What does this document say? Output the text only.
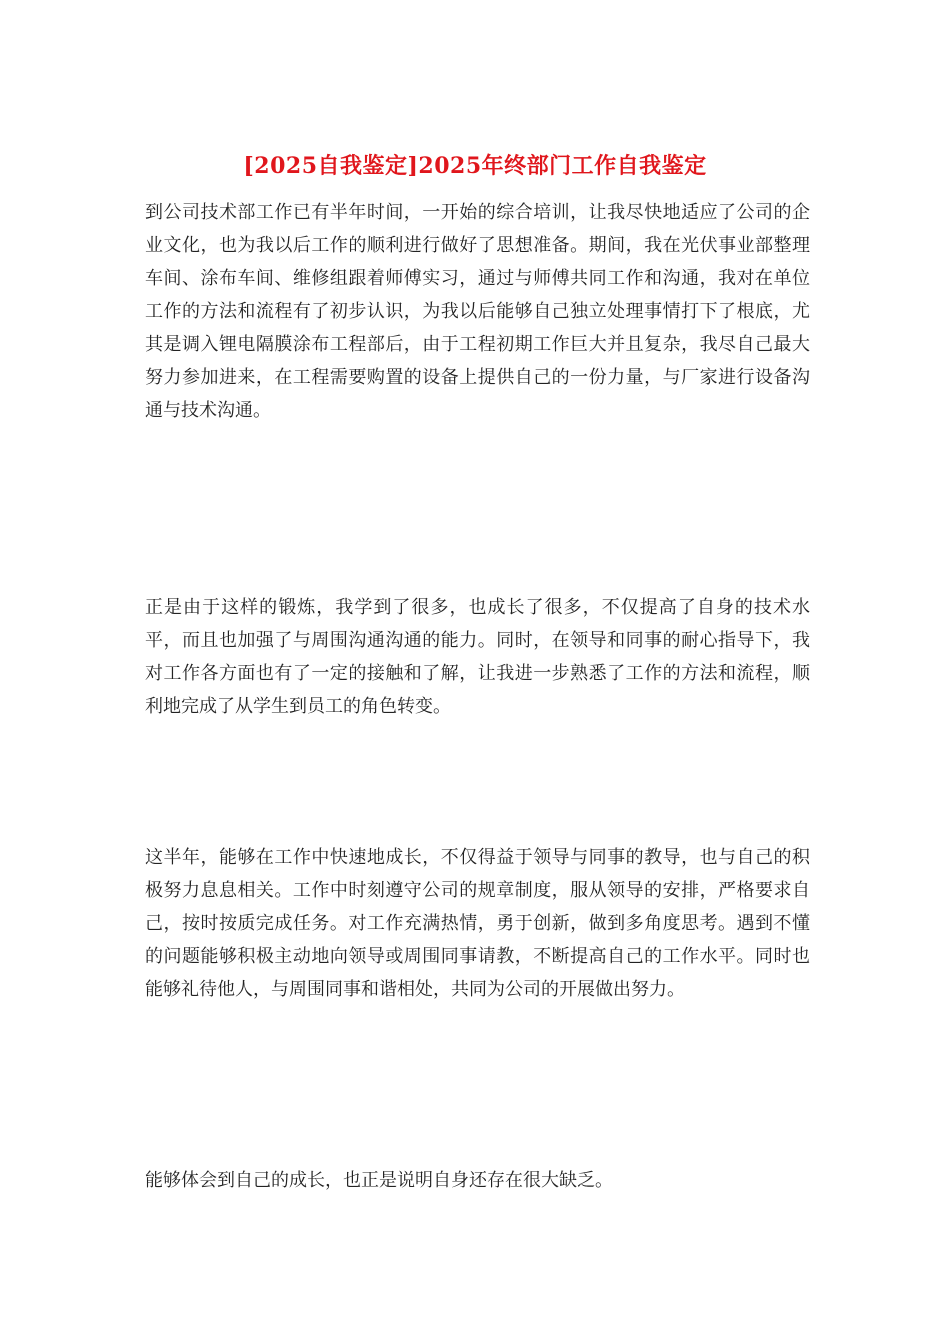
[2025自我鉴定]2025年终部门工作自我鉴定

到公司技术部工作已有半年时间，一开始的综合培训，让我尽快地适应了公司的企业文化，也为我以后工作的顺利进行做好了思想准备。期间，我在光伏事业部整理车间、涂布车间、维修组跟着师傅实习，通过与师傅共同工作和沟通，我对在单位工作的方法和流程有了初步认识，为我以后能够自己独立处理事情打下了根底，尤其是调入锂电隔膜涂布工程部后，由于工程初期工作巨大并且复杂，我尽自己最大努力参加进来，在工程需要购置的设备上提供自己的一份力量，与厂家进行设备沟通与技术沟通。

正是由于这样的锻炼，我学到了很多，也成长了很多，不仅提高了自身的技术水平，而且也加强了与周围沟通沟通的能力。同时，在领导和同事的耐心指导下，我对工作各方面也有了一定的接触和了解，让我进一步熟悉了工作的方法和流程，顺利地完成了从学生到员工的角色转变。

这半年，能够在工作中快速地成长，不仅得益于领导与同事的教导，也与自己的积极努力息息相关。工作中时刻遵守公司的规章制度，服从领导的安排，严格要求自己，按时按质完成任务。对工作充满热情，勇于创新，做到多角度思考。遇到不懂的问题能够积极主动地向领导或周围同事请教，不断提高自己的工作水平。同时也能够礼待他人，与周围同事和谐相处，共同为公司的开展做出努力。

能够体会到自己的成长，也正是说明自身还存在很大缺乏。
